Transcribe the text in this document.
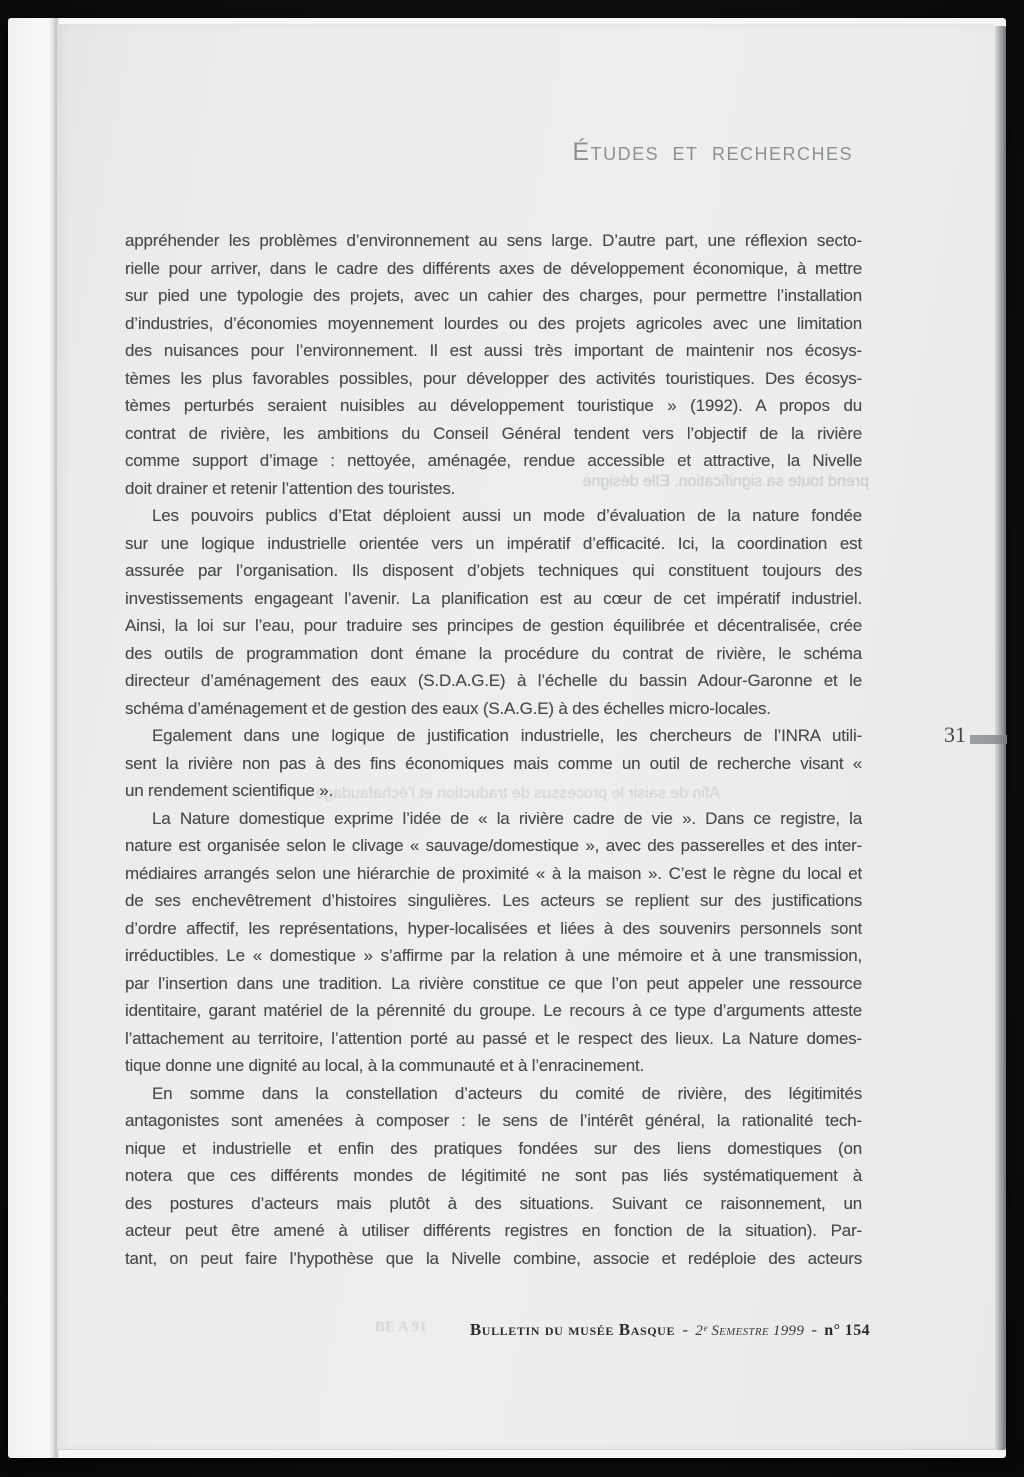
Études et recherches
prend toute sa signification. Elle désigne
Afin de saisir le processus de traduction et l’échafaudage
BE A 91
appréhender les problèmes d’environnement au sens large. D’autre part, une réflexion secto-
rielle pour arriver, dans le cadre des différents axes de développement économique, à mettre
sur pied une typologie des projets, avec un cahier des charges, pour permettre l’installation
d’industries, d’économies moyennement lourdes ou des projets agricoles avec une limitation
des nuisances pour l’environnement. Il est aussi très important de maintenir nos écosys-
tèmes les plus favorables possibles, pour développer des activités touristiques. Des écosys-
tèmes perturbés seraient nuisibles au développement touristique » (1992). A propos du
contrat de rivière, les ambitions du Conseil Général tendent vers l’objectif de la rivière
comme support d’image : nettoyée, aménagée, rendue accessible et attractive, la Nivelle
doit drainer et retenir l’attention des touristes.
Les pouvoirs publics d’Etat déploient aussi un mode d’évaluation de la nature fondée
sur une logique industrielle orientée vers un impératif d’efficacité. Ici, la coordination est
assurée par l’organisation. Ils disposent d’objets techniques qui constituent toujours des
investissements engageant l’avenir. La planification est au cœur de cet impératif industriel.
Ainsi, la loi sur l’eau, pour traduire ses principes de gestion équilibrée et décentralisée, crée
des outils de programmation dont émane la procédure du contrat de rivière, le schéma
directeur d’aménagement des eaux (S.D.A.G.E) à l’échelle du bassin Adour-Garonne et le
schéma d’aménagement et de gestion des eaux (S.A.G.E) à des échelles micro-locales.
Egalement dans une logique de justification industrielle, les chercheurs de l’INRA utili-
sent la rivière non pas à des fins économiques mais comme un outil de recherche visant «
un rendement scientifique ».
La Nature domestique exprime l’idée de « la rivière cadre de vie ». Dans ce registre, la
nature est organisée selon le clivage « sauvage/domestique », avec des passerelles et des inter-
médiaires arrangés selon une hiérarchie de proximité « à la maison ». C’est le règne du local et
de ses enchevêtrement d’histoires singulières. Les acteurs se replient sur des justifications
d’ordre affectif, les représentations, hyper-localisées et liées à des souvenirs personnels sont
irréductibles. Le « domestique » s’affirme par la relation à une mémoire et à une transmission,
par l’insertion dans une tradition. La rivière constitue ce que l’on peut appeler une ressource
identitaire, garant matériel de la pérennité du groupe. Le recours à ce type d’arguments atteste
l’attachement au territoire, l’attention porté au passé et le respect des lieux. La Nature domes-
tique donne une dignité au local, à la communauté et à l’enracinement.
En somme dans la constellation d’acteurs du comité de rivière, des légitimités
antagonistes sont amenées à composer : le sens de l’intérêt général, la rationalité tech-
nique et industrielle et enfin des pratiques fondées sur des liens domestiques (on
notera que ces différents mondes de légitimité ne sont pas liés systématiquement à
des postures d’acteurs mais plutôt à des situations. Suivant ce raisonnement, un
acteur peut être amené à utiliser différents registres en fonction de la situation). Par-
tant, on peut faire l’hypothèse que la Nivelle combine, associe et redéploie des acteurs
Bulletin du musée Basque - 2ᵉ Semestre 1999 - n° 154
31
